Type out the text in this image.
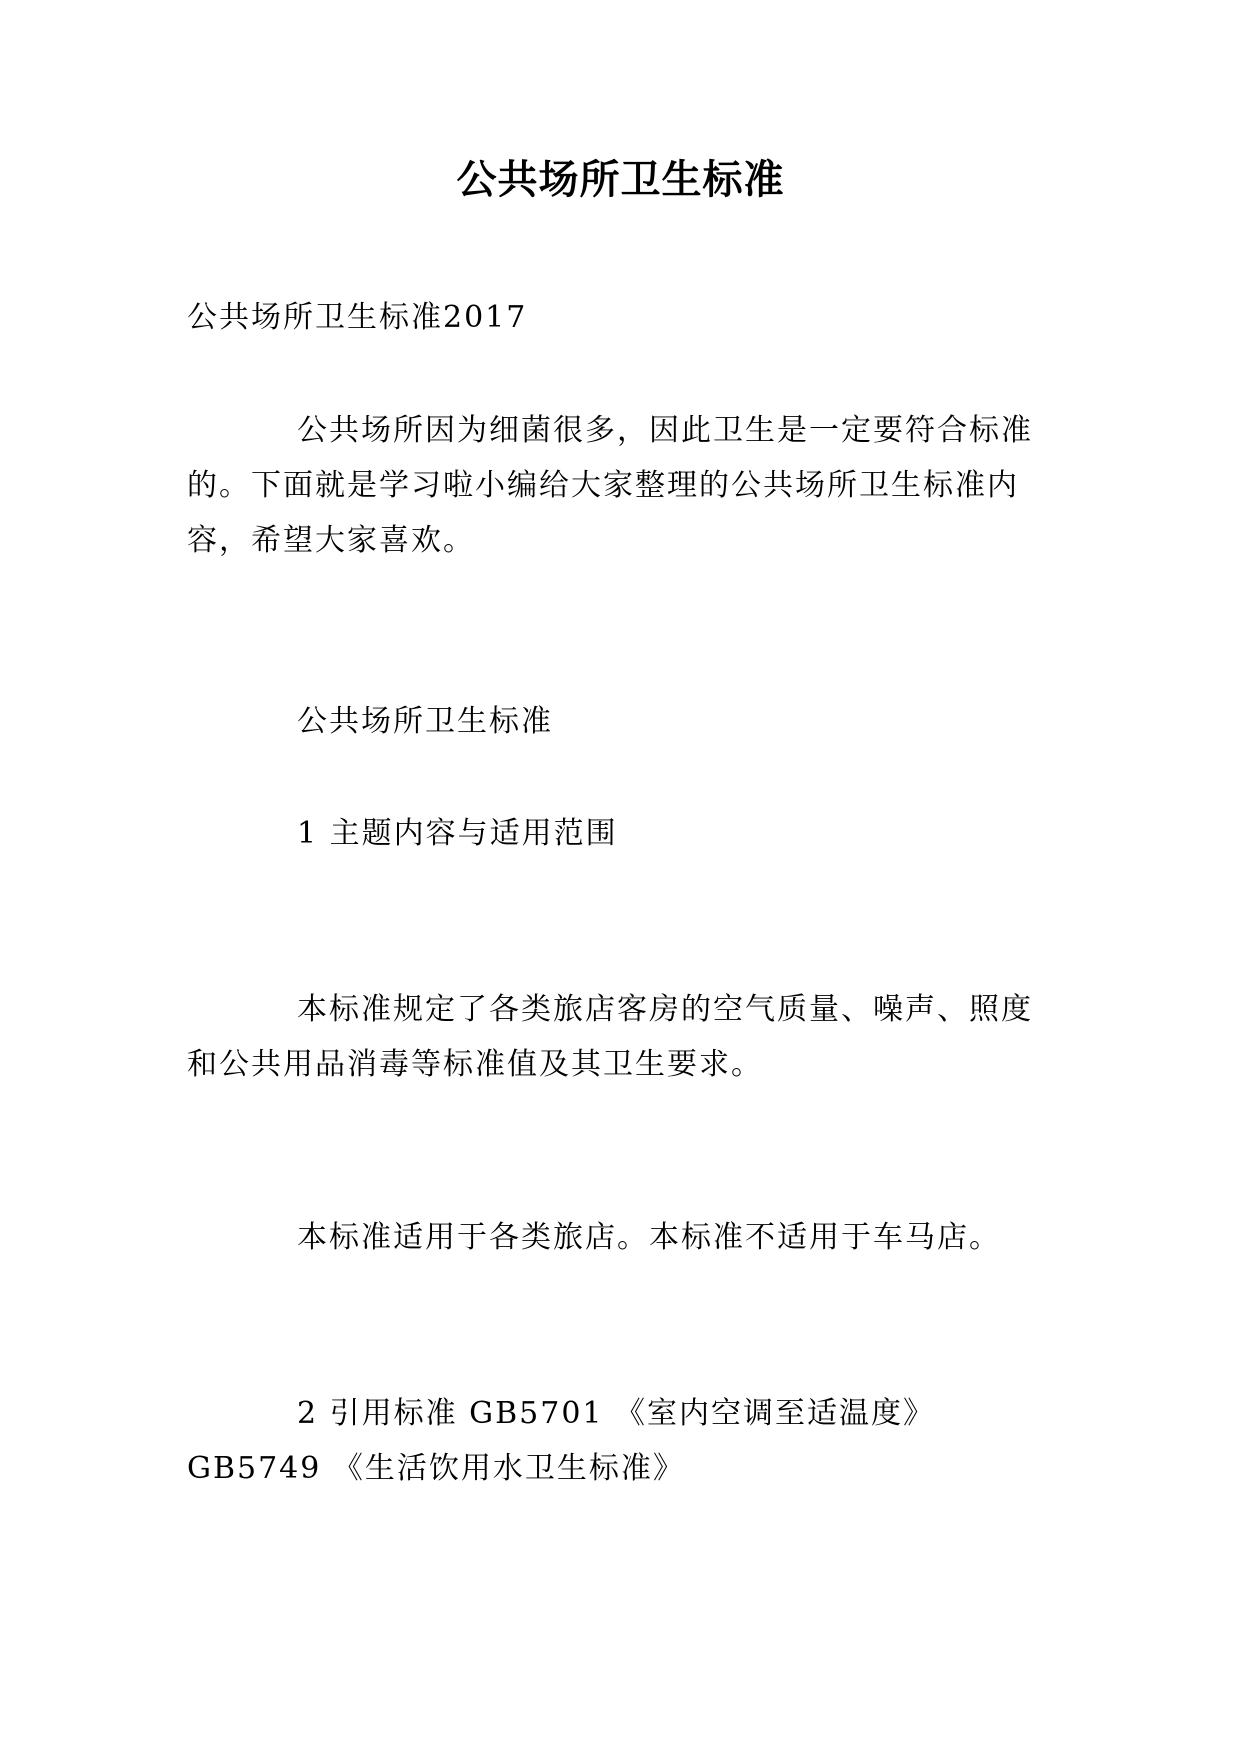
公共场所卫生标准

公共场所卫生标准2017

公共场所因为细菌很多，因此卫生是一定要符合标准的。下面就是学习啦小编给大家整理的公共场所卫生标准内容，希望大家喜欢。

公共场所卫生标准

1 主题内容与适用范围

本标准规定了各类旅店客房的空气质量、噪声、照度和公共用品消毒等标准值及其卫生要求。

本标准适用于各类旅店。本标准不适用于车马店。

2 引用标准 GB5701 《室内空调至适温度》 GB5749 《生活饮用水卫生标准》
